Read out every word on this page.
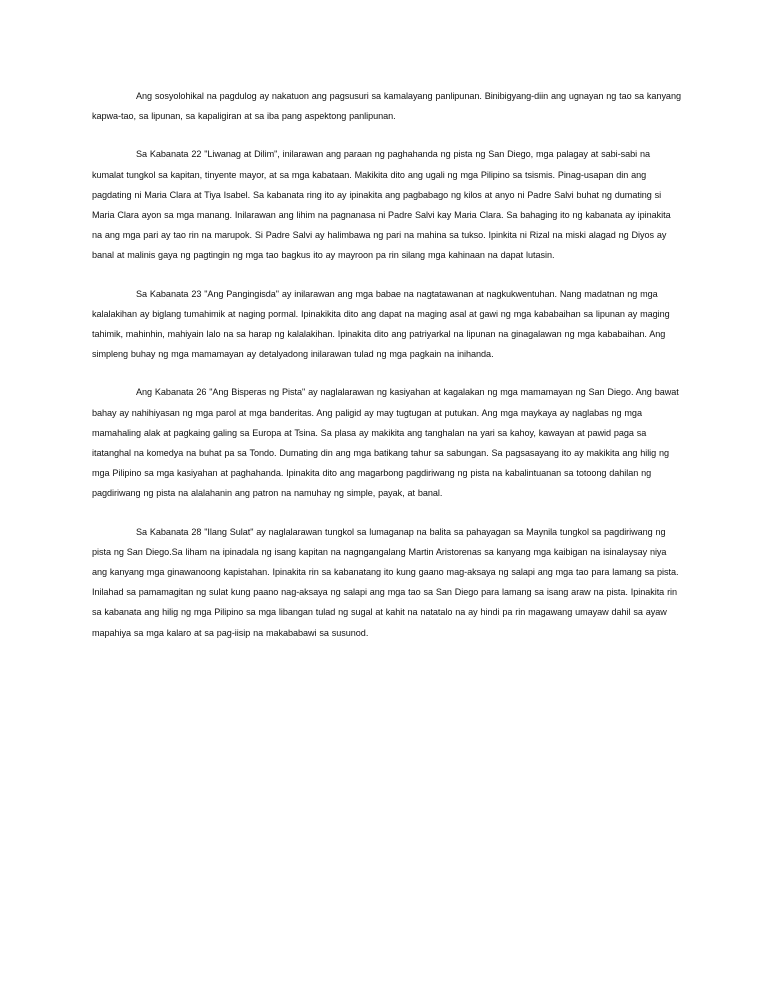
Ang sosyolohikal na pagdulog ay nakatuon ang pagsusuri sa kamalayang panlipunan. Binibigyang-diin ang ugnayan ng tao sa kanyang kapwa-tao, sa lipunan, sa kapaligiran at sa iba pang aspektong panlipunan.

Sa Kabanata 22 "Liwanag at Dilim", inilarawan ang paraan ng paghahanda ng pista ng San Diego, mga palagay at sabi-sabi na kumalat tungkol sa kapitan, tinyente mayor, at sa mga kabataan. Makikita dito ang ugali ng mga Pilipino sa tsismis. Pinag-usapan din ang pagdating ni Maria Clara at Tiya Isabel. Sa kabanata ring ito ay ipinakita ang pagbabago ng kilos at anyo ni Padre Salvi buhat ng dumating si Maria Clara ayon sa mga manang. Inilarawan ang lihim na pagnanasa ni Padre Salvi kay Maria Clara. Sa bahaging ito ng kabanata ay ipinakita na ang mga pari ay tao rin na marupok. Si Padre Salvi ay halimbawa ng pari na mahina sa tukso. Ipinkita ni Rizal na miski alagad ng Diyos ay banal at malinis gaya ng pagtingin ng mga tao bagkus ito ay mayroon pa rin silang mga kahinaan na dapat lutasin.

Sa Kabanata 23 "Ang Pangingisda" ay inilarawan ang mga babae na nagtatawanan at nagkukwentuhan. Nang madatnan ng mga kalalakihan ay biglang tumahimik at naging pormal. Ipinakikita dito ang dapat na maging asal at gawi ng mga kababaihan sa lipunan ay maging tahimik, mahinhin, mahiyain lalo na sa harap ng kalalakihan. Ipinakita dito ang patriyarkal na lipunan na ginagalawan ng mga kababaihan. Ang simpleng buhay ng mga mamamayan ay detalyadong inilarawan tulad ng mga pagkain na inihanda.

Ang Kabanata 26 "Ang Bisperas ng Pista" ay naglalarawan ng kasiyahan at kagalakan ng mga mamamayan ng San Diego. Ang bawat bahay ay nahihiyasan ng mga parol at mga banderitas. Ang paligid ay may tugtugan at putukan. Ang mga maykaya ay naglabas ng mga mamahaling alak at pagkaing galing sa Europa at Tsina. Sa plasa ay makikita ang tanghalan na yari sa kahoy, kawayan at pawid paga sa itatanghal na komedya na buhat pa sa Tondo. Dumating din ang mga batikang tahur sa sabungan. Sa pagsasayang ito ay makikita ang hilig ng mga Pilipino sa mga kasiyahan at paghahanda. Ipinakita dito ang magarbong pagdiriwang ng pista na kabalintuanan sa totoong dahilan ng pagdiriwang ng pista na alalahanin ang patron na namuhay ng simple, payak, at banal.

Sa Kabanata 28 "Ilang Sulat" ay naglalarawan tungkol sa lumaganap na balita sa pahayagan sa Maynila tungkol sa pagdiriwang ng pista ng San Diego.Sa liham na ipinadala ng isang kapitan na nagngangalang Martin Aristorenas sa kanyang mga kaibigan na isinalaysay niya ang kanyang mga ginawanoong kapistahan. Ipinakita rin sa kabanatang ito kung gaano mag-aksaya ng salapi ang mga tao para lamang sa pista. Inilahad sa pamamagitan ng sulat kung paano nag-aksaya ng salapi ang mga tao sa San Diego para lamang sa isang araw na pista. Ipinakita rin sa kabanata ang hilig ng mga Pilipino sa mga libangan tulad ng sugal at kahit na natatalo na ay hindi pa rin magawang umayaw dahil sa ayaw mapahiya sa mga kalaro at sa pag-iisip na makababawi sa susunod.
